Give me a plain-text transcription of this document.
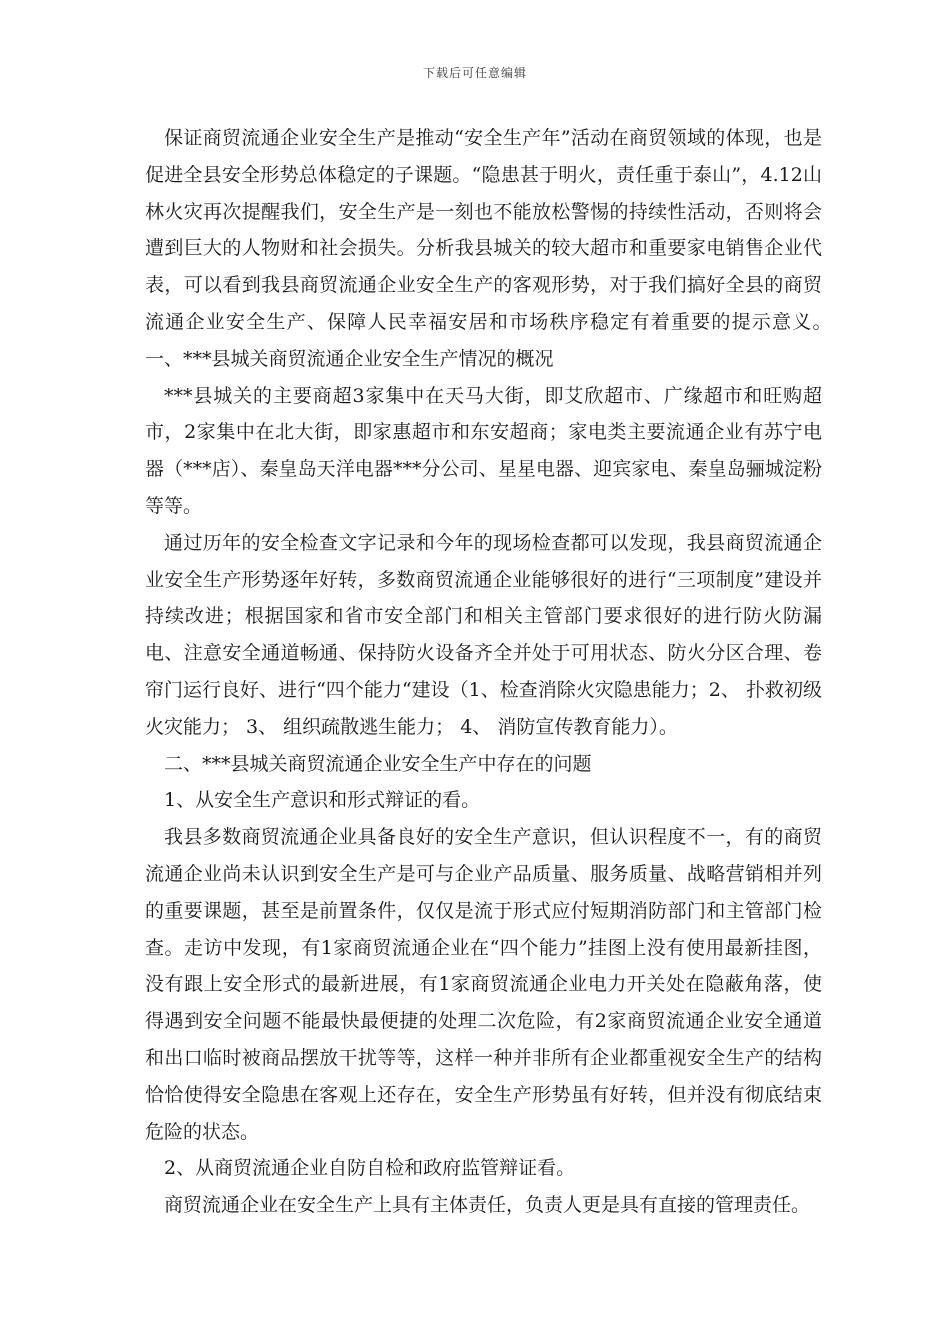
下载后可任意编辑

保证商贸流通企业安全生产是推动“安全生产年”活动在商贸领域的体现，也是促进全县安全形势总体稳定的子课题。“隐患甚于明火，责任重于泰山”，4.12山林火灾再次提醒我们，安全生产是一刻也不能放松警惕的持续性活动，否则将会遭到巨大的人物财和社会损失。分析我县城关的较大超市和重要家电销售企业代表，可以看到我县商贸流通企业安全生产的客观形势，对于我们搞好全县的商贸流通企业安全生产、保障人民幸福安居和市场秩序稳定有着重要的提示意义。　　一、***县城关商贸流通企业安全生产情况的概况

***县城关的主要商超3家集中在天马大街，即艾欣超市、广缘超市和旺购超市，2家集中在北大街，即家惠超市和东安超商；家电类主要流通企业有苏宁电器（***店）、秦皇岛天洋电器***分公司、星星电器、迎宾家电、秦皇岛骊城淀粉等等。

通过历年的安全检查文字记录和今年的现场检查都可以发现，我县商贸流通企业安全生产形势逐年好转，多数商贸流通企业能够很好的进行“三项制度”建设并持续改进；根据国家和省市安全部门和相关主管部门要求很好的进行防火防漏电、注意安全通道畅通、保持防火设备齐全并处于可用状态、防火分区合理、卷帘门运行良好、进行“四个能力“建设（1、检查消除火灾隐患能力；2、 扑救初级火灾能力； 3、 组织疏散逃生能力； 4、 消防宣传教育能力）。

二、***县城关商贸流通企业安全生产中存在的问题

1、从安全生产意识和形式辩证的看。

我县多数商贸流通企业具备良好的安全生产意识，但认识程度不一，有的商贸流通企业尚未认识到安全生产是可与企业产品质量、服务质量、战略营销相并列的重要课题，甚至是前置条件，仅仅是流于形式应付短期消防部门和主管部门检查。走访中发现，有1家商贸流通企业在“四个能力”挂图上没有使用最新挂图，没有跟上安全形式的最新进展，有1家商贸流通企业电力开关处在隐蔽角落，使得遇到安全问题不能最快最便捷的处理二次危险，有2家商贸流通企业安全通道和出口临时被商品摆放干扰等等，这样一种并非所有企业都重视安全生产的结构恰恰使得安全隐患在客观上还存在，安全生产形势虽有好转，但并没有彻底结束危险的状态。

2、从商贸流通企业自防自检和政府监管辩证看。

商贸流通企业在安全生产上具有主体责任，负责人更是具有直接的管理责任。
